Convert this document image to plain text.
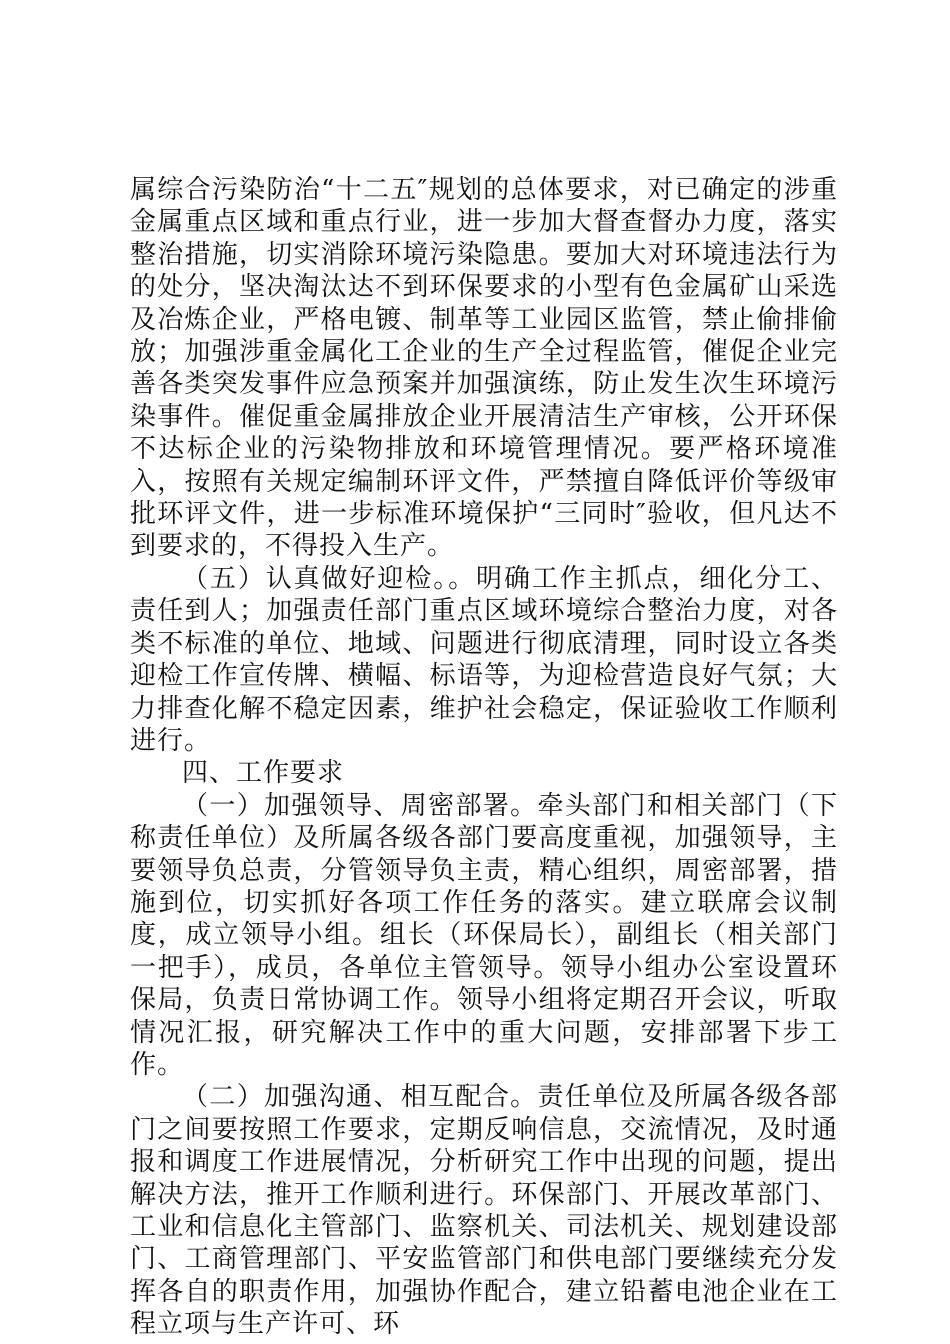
属综合污染防治“十二五″规划的总体要求，对已确定的涉重金属重点区域和重点行业，进一步加大督查督办力度，落实整治措施，切实消除环境污染隐患。要加大对环境违法行为的处分，坚决淘汰达不到环保要求的小型有色金属矿山采选及冶炼企业，严格电镀、制革等工业园区监管，禁止偷排偷放；加强涉重金属化工企业的生产全过程监管，催促企业完善各类突发事件应急预案并加强演练，防止发生次生环境污染事件。催促重金属排放企业开展清洁生产审核，公开环保不达标企业的污染物排放和环境管理情况。要严格环境准入，按照有关规定编制环评文件，严禁擅自降低评价等级审批环评文件，进一步标准环境保护“三同时″验收，但凡达不到要求的，不得投入生产。

（五）认真做好迎检。。明确工作主抓点，细化分工、责任到人；加强责任部门重点区域环境综合整治力度，对各类不标准的单位、地域、问题进行彻底清理，同时设立各类迎检工作宣传牌、横幅、标语等，为迎检营造良好气氛；大力排查化解不稳定因素，维护社会稳定，保证验收工作顺利进行。

四、工作要求

（一）加强领导、周密部署。牵头部门和相关部门（下称责任单位）及所属各级各部门要高度重视，加强领导，主要领导负总责，分管领导负主责，精心组织，周密部署，措施到位，切实抓好各项工作任务的落实。建立联席会议制度，成立领导小组。组长（环保局长），副组长（相关部门一把手），成员，各单位主管领导。领导小组办公室设置环保局，负责日常协调工作。领导小组将定期召开会议，听取情况汇报，研究解决工作中的重大问题，安排部署下步工作。

（二）加强沟通、相互配合。责任单位及所属各级各部门之间要按照工作要求，定期反响信息，交流情况，及时通报和调度工作进展情况，分析研究工作中出现的问题，提出解决方法，推开工作顺利进行。环保部门、开展改革部门、工业和信息化主管部门、监察机关、司法机关、规划建设部门、工商管理部门、平安监管部门和供电部门要继续充分发挥各自的职责作用，加强协作配合，建立铅蓄电池企业在工程立项与生产许可、环
